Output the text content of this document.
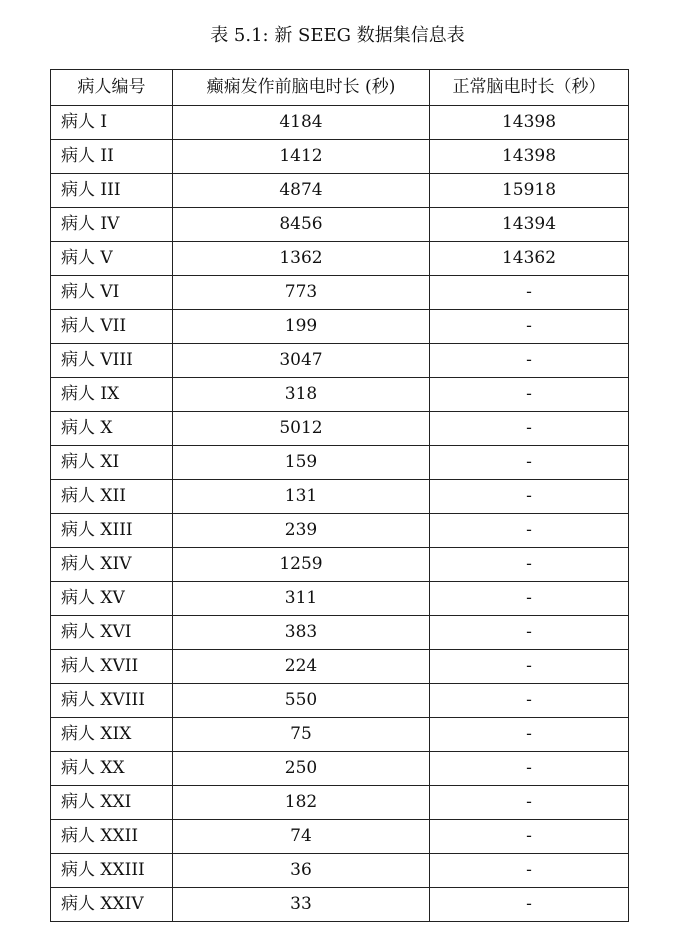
表 5.1: 新 SEEG 数据集信息表
病人编号	癫痫发作前脑电时长 (秒)	正常脑电时长（秒）
病人 I	4184	14398
病人 II	1412	14398
病人 III	4874	15918
病人 IV	8456	14394
病人 V	1362	14362
病人 VI	773	-
病人 VII	199	-
病人 VIII	3047	-
病人 IX	318	-
病人 X	5012	-
病人 XI	159	-
病人 XII	131	-
病人 XIII	239	-
病人 XIV	1259	-
病人 XV	311	-
病人 XVI	383	-
病人 XVII	224	-
病人 XVIII	550	-
病人 XIX	75	-
病人 XX	250	-
病人 XXI	182	-
病人 XXII	74	-
病人 XXIII	36	-
病人 XXIV	33	-
